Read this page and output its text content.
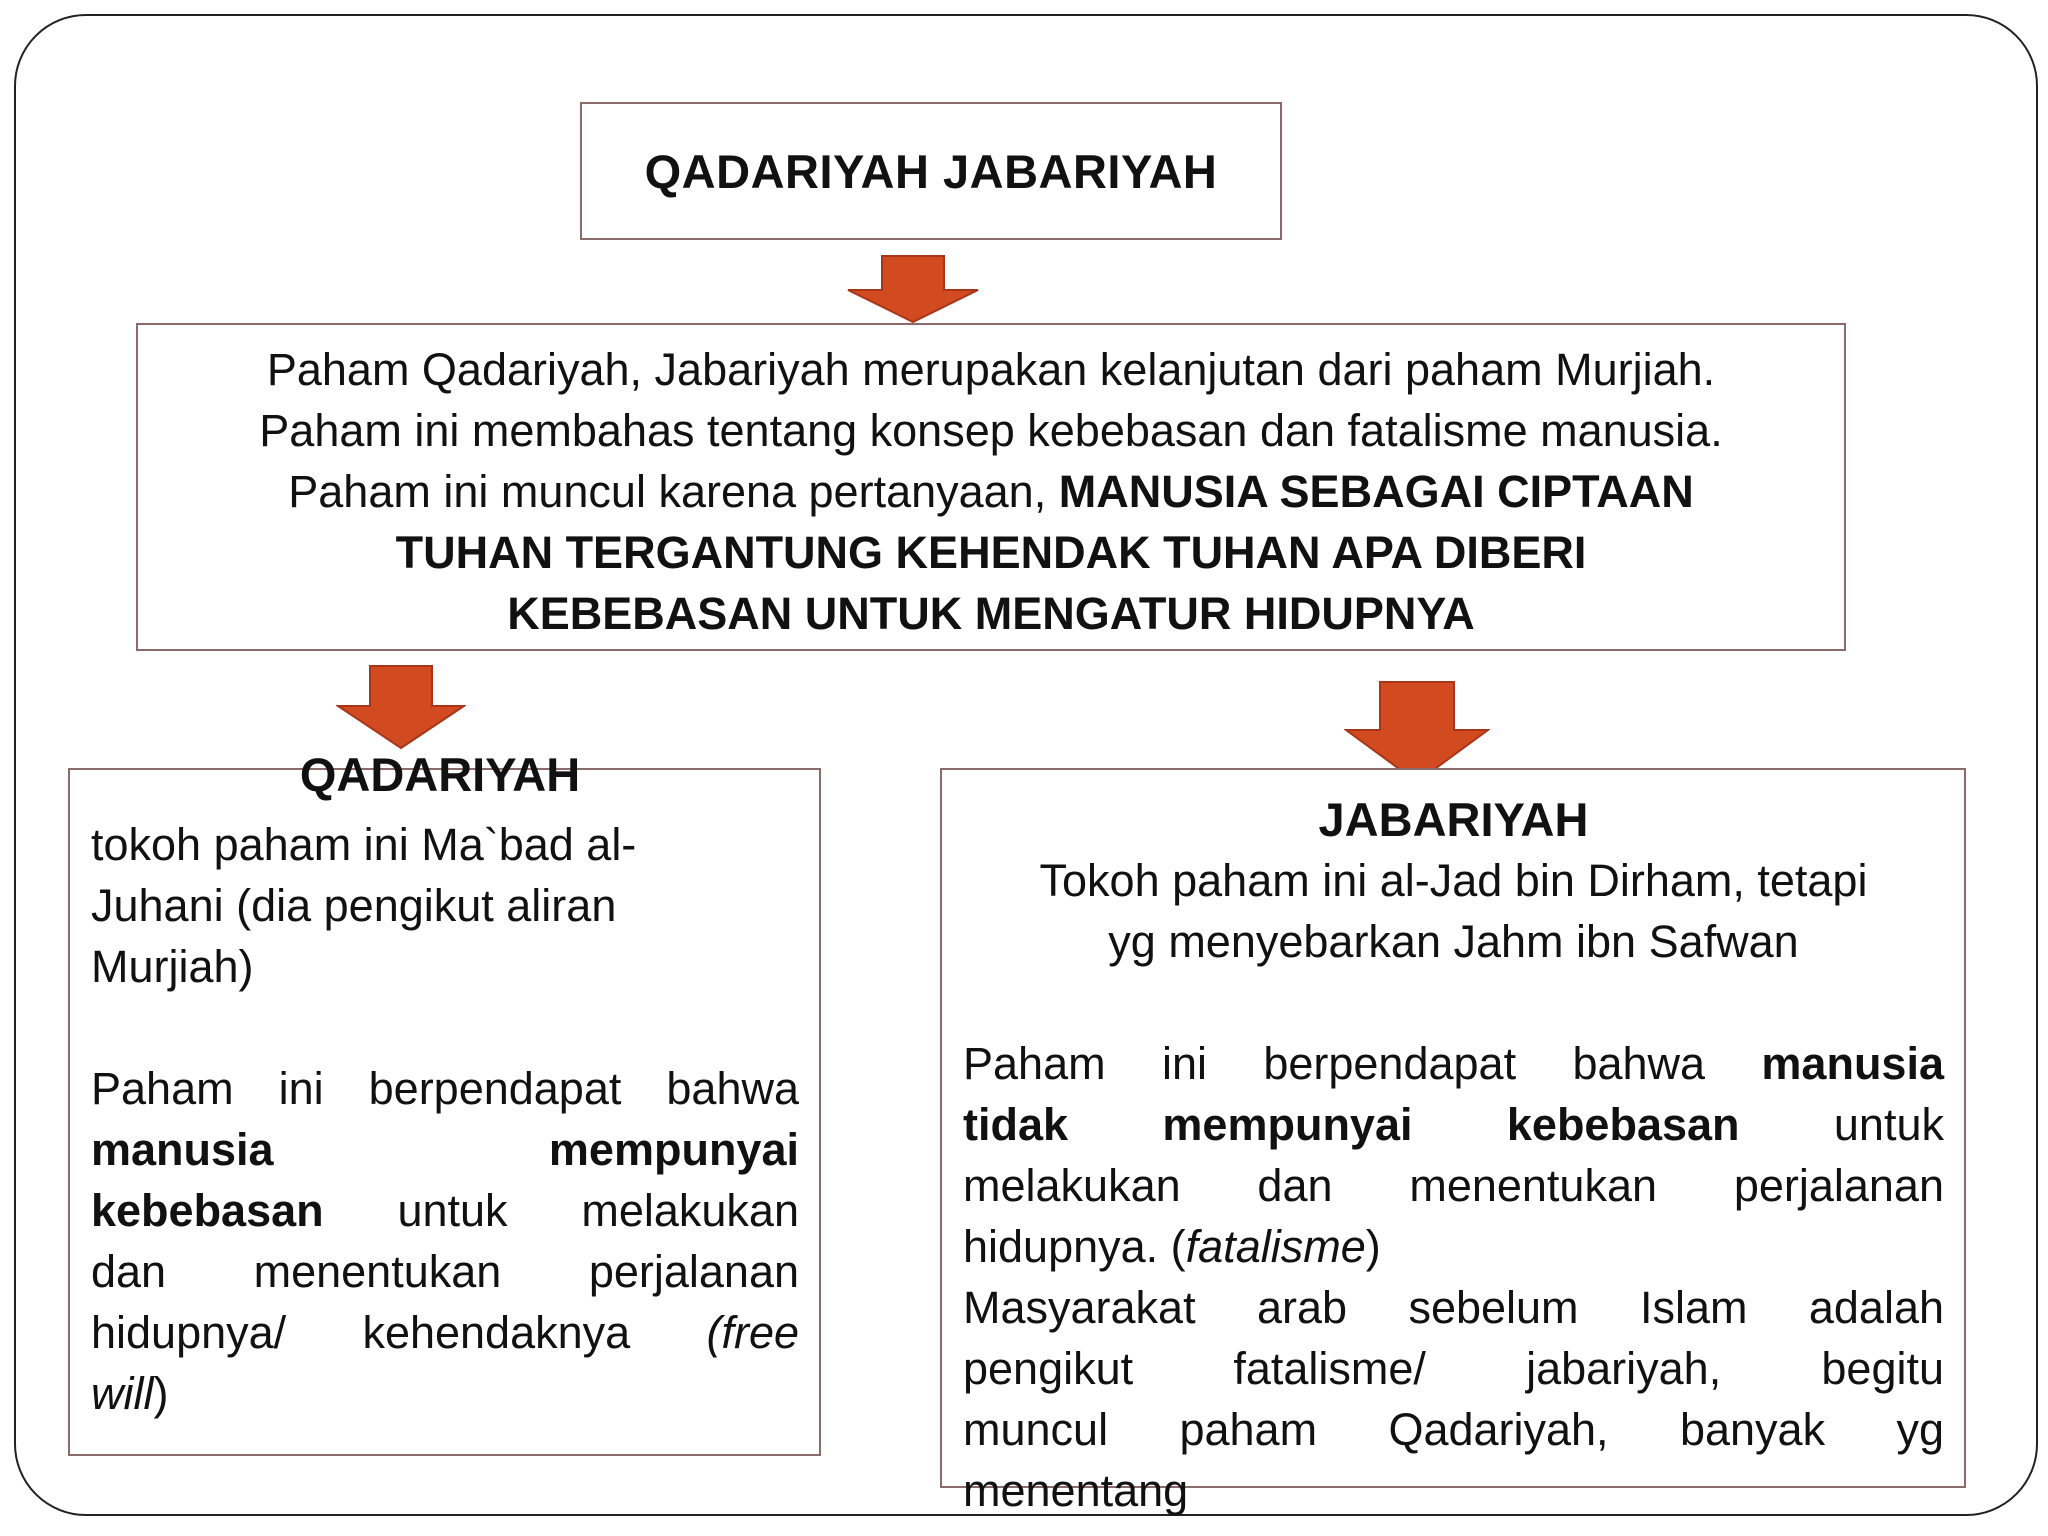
QADARIYAH JABARIYAH
Paham Qadariyah, Jabariyah merupakan kelanjutan dari paham Murjiah.
Paham ini membahas tentang konsep kebebasan dan fatalisme manusia.
Paham ini muncul karena pertanyaan, MANUSIA SEBAGAI CIPTAAN
TUHAN TERGANTUNG KEHENDAK TUHAN APA DIBERI
KEBEBASAN UNTUK MENGATUR HIDUPNYA
tokoh paham ini Ma`bad al-
Juhani (dia pengikut aliran
Murjiah)
Paham ini berpendapat bahwa
manusia mempunyai
kebebasan untuk melakukan
dan menentukan perjalanan
hidupnya/ kehendaknya (free
will)
QADARIYAH
JABARIYAH
Tokoh paham ini al-Jad bin Dirham, tetapi
yg menyebarkan Jahm ibn Safwan
Paham ini berpendapat bahwa manusia
tidak mempunyai kebebasan untuk
melakukan dan menentukan perjalanan
hidupnya. (fatalisme)
Masyarakat arab sebelum Islam adalah
pengikut fatalisme/ jabariyah, begitu
muncul paham Qadariyah, banyak yg
menentang
